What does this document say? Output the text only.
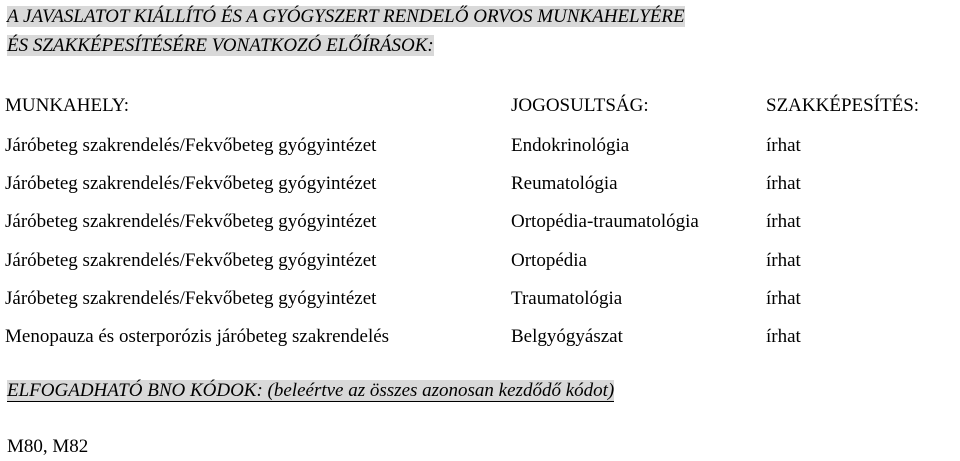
A JAVASLATOT KIÁLLÍTÓ ÉS A GYÓGYSZERT RENDELŐ ORVOS MUNKAHELYÉRE
ÉS SZAKKÉPESÍTÉSÉRE VONATKOZÓ ELŐÍRÁSOK:
MUNKAHELY:	JOGOSULTSÁG:	SZAKKÉPESÍTÉS:
Járóbeteg szakrendelés/Fekvőbeteg gyógyintézet	Endokrinológia	írhat
Járóbeteg szakrendelés/Fekvőbeteg gyógyintézet	Reumatológia	írhat
Járóbeteg szakrendelés/Fekvőbeteg gyógyintézet	Ortopédia-traumatológia	írhat
Járóbeteg szakrendelés/Fekvőbeteg gyógyintézet	Ortopédia	írhat
Járóbeteg szakrendelés/Fekvőbeteg gyógyintézet	Traumatológia	írhat
Menopauza és osterporózis járóbeteg szakrendelés	Belgyógyászat	írhat
ELFOGADHATÓ BNO KÓDOK: (beleértve az összes azonosan kezdődő kódot)
M80, M82
